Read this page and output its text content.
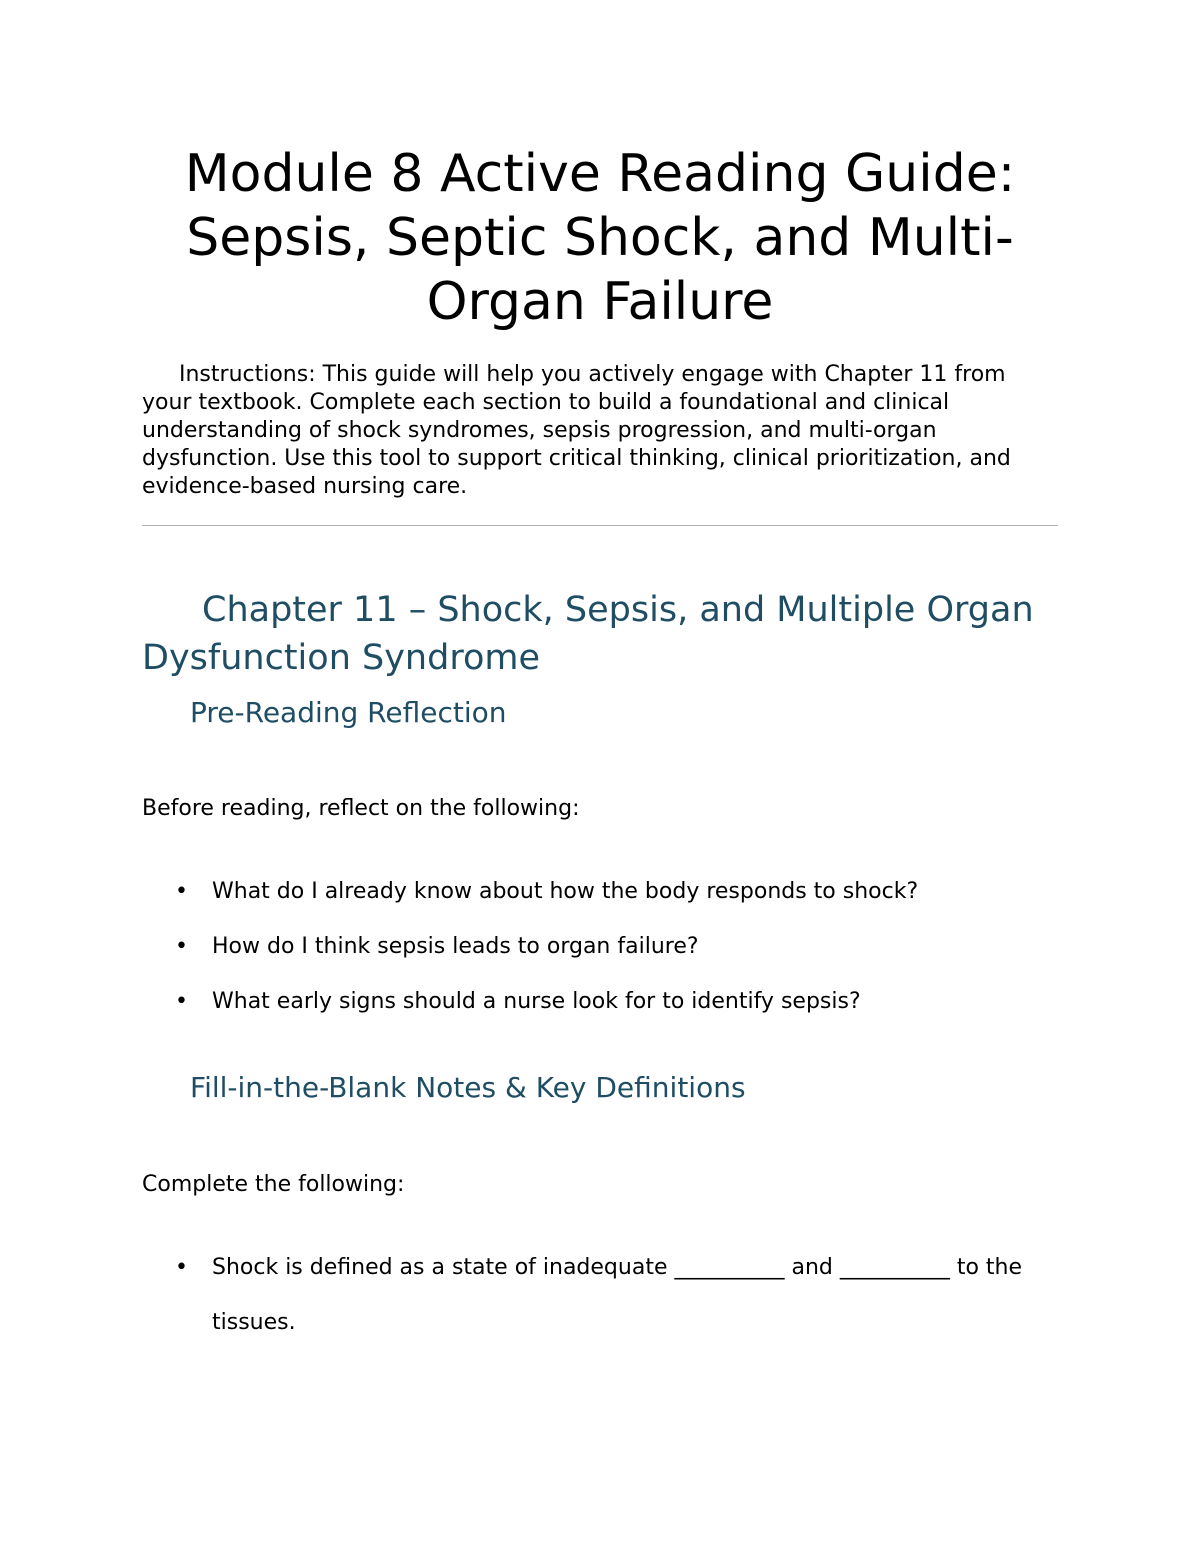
Module 8 Active Reading Guide: Sepsis, Septic Shock, and Multi-Organ Failure

Instructions: This guide will help you actively engage with Chapter 11 from your textbook. Complete each section to build a foundational and clinical understanding of shock syndromes, sepsis progression, and multi-organ dysfunction. Use this tool to support critical thinking, clinical prioritization, and evidence-based nursing care.

Chapter 11 – Shock, Sepsis, and Multiple Organ Dysfunction Syndrome
Pre-Reading Reflection

Before reading, reflect on the following:

• What do I already know about how the body responds to shock?
• How do I think sepsis leads to organ failure?
• What early signs should a nurse look for to identify sepsis?
Fill-in-the-Blank Notes & Key Definitions

Complete the following:

• Shock is defined as a state of inadequate __________ and __________ to the tissues.
